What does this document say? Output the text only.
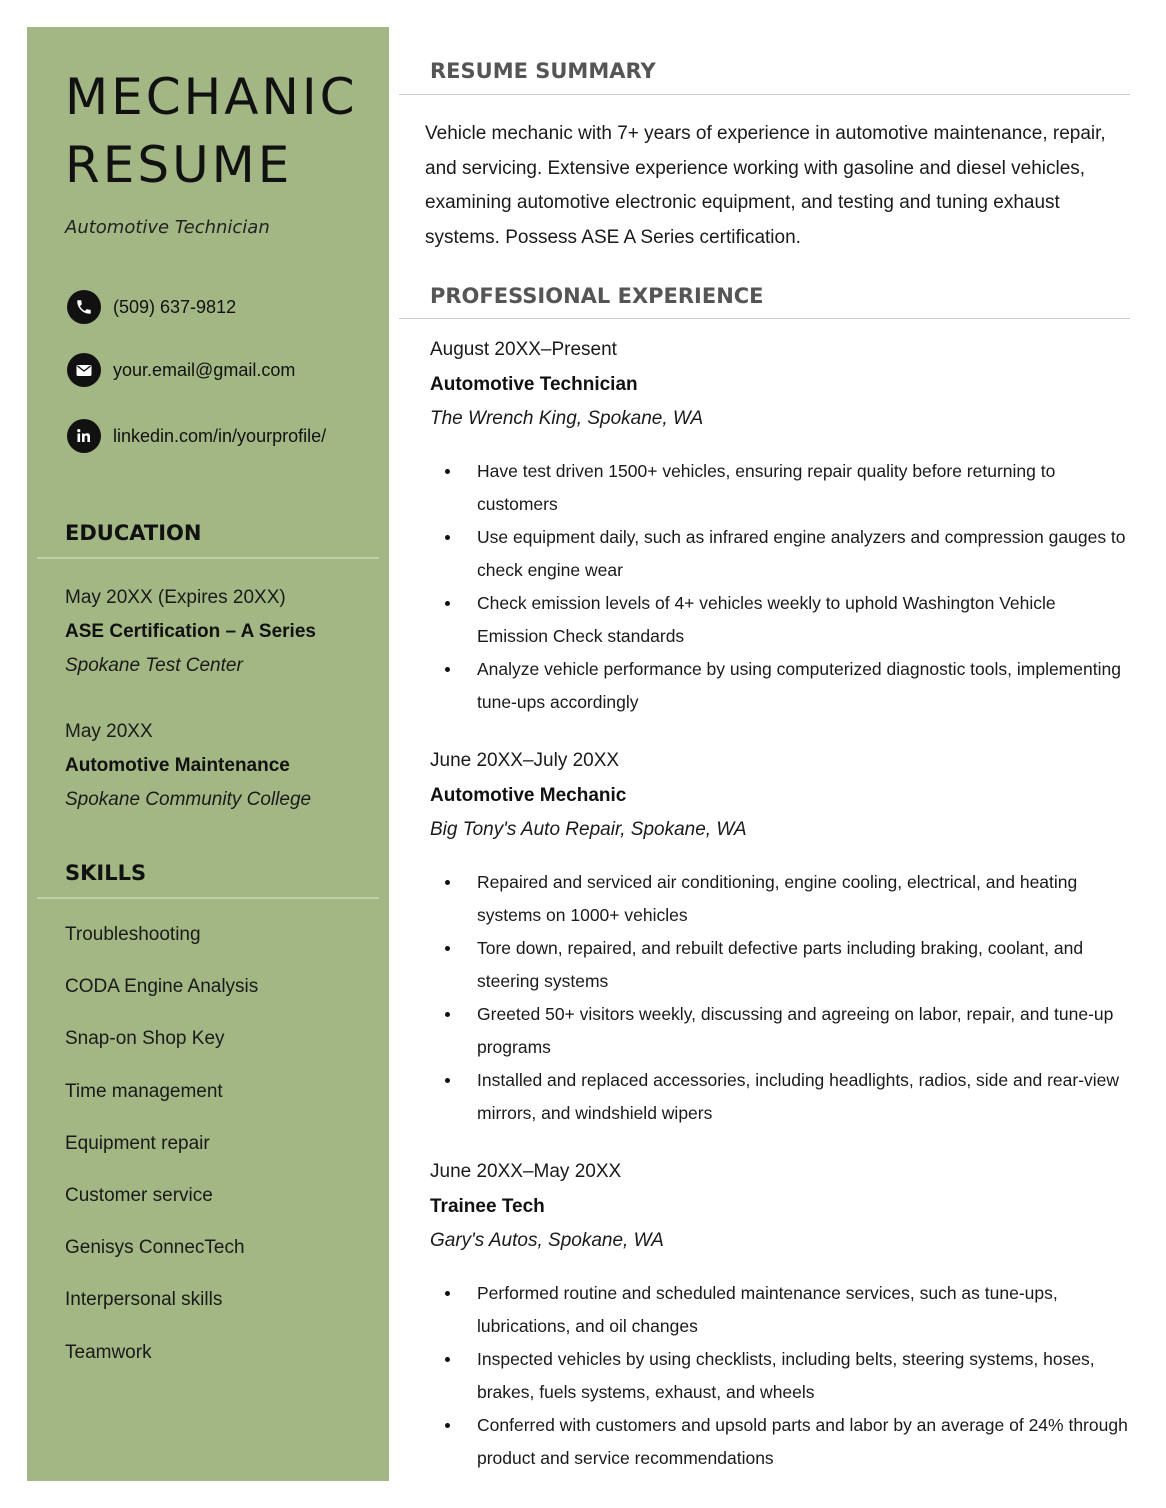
MECHANIC
RESUME
Automotive Technician
(509) 637-9812
your.email@gmail.com
linkedin.com/in/yourprofile/
EDUCATION
May 20XX (Expires 20XX)
ASE Certification – A Series
Spokane Test Center
May 20XX
Automotive Maintenance
Spokane Community College
SKILLS
Troubleshooting
CODA Engine Analysis
Snap-on Shop Key
Time management
Equipment repair
Customer service
Genisys ConnecTech
Interpersonal skills
Teamwork
RESUME SUMMARY

Vehicle mechanic with 7+ years of experience in automotive maintenance, repair, and servicing. Extensive experience working with gasoline and diesel vehicles, examining automotive electronic equipment, and testing and tuning exhaust systems. Possess ASE A Series certification.

PROFESSIONAL EXPERIENCE
August 20XX–Present
Automotive Technician
The Wrench King, Spokane, WA
Have test driven 1500+ vehicles, ensuring repair quality before returning to customers
Use equipment daily, such as infrared engine analyzers and compression gauges to check engine wear
Check emission levels of 4+ vehicles weekly to uphold Washington Vehicle Emission Check standards
Analyze vehicle performance by using computerized diagnostic tools, implementing tune-ups accordingly
June 20XX–July 20XX
Automotive Mechanic
Big Tony's Auto Repair, Spokane, WA
Repaired and serviced air conditioning, engine cooling, electrical, and heating systems on 1000+ vehicles
Tore down, repaired, and rebuilt defective parts including braking, coolant, and steering systems
Greeted 50+ visitors weekly, discussing and agreeing on labor, repair, and tune-up programs
Installed and replaced accessories, including headlights, radios, side and rear-view mirrors, and windshield wipers
June 20XX–May 20XX
Trainee Tech
Gary's Autos, Spokane, WA
Performed routine and scheduled maintenance services, such as tune-ups, lubrications, and oil changes
Inspected vehicles by using checklists, including belts, steering systems, hoses, brakes, fuels systems, exhaust, and wheels
Conferred with customers and upsold parts and labor by an average of 24% through product and service recommendations
